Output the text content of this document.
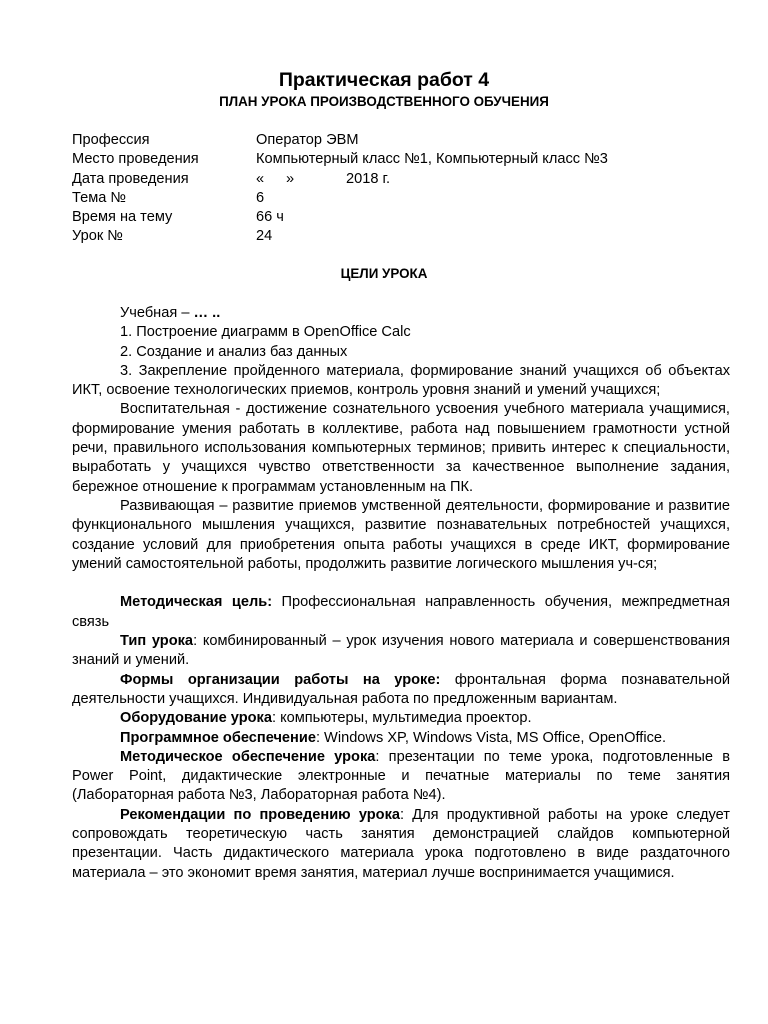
Практическая работ 4
ПЛАН УРОКА ПРОИЗВОДСТВЕННОГО ОБУЧЕНИЯ
Профессия	Оператор ЭВМ
Место проведения	Компьютерный класс №1, Компьютерный класс №3
Дата проведения	« »	2018 г.
Тема №	6
Время на тему	66 ч
Урок №	24
ЦЕЛИ УРОКА

Учебная – … ..

1. Построение диаграмм в OpenOffice Calc

2. Создание и анализ баз данных

3. Закрепление пройденного материала, формирование знаний учащихся об объектах ИКТ, освоение технологических приемов, контроль уровня знаний и умений учащихся;

Воспитательная - достижение сознательного усвоения учебного материала учащимися, формирование умения работать в коллективе, работа над повышением грамотности устной речи, правильного использования компьютерных терминов; привить интерес к специальности, выработать у учащихся чувство ответственности за качественное выполнение задания, бережное отношение к программам установленным на ПК.

Развивающая – развитие приемов умственной деятельности, формирование и развитие функционального мышления учащихся, развитие познавательных потребностей учащихся, создание условий для приобретения опыта работы учащихся в среде ИКТ, формирование умений самостоятельной работы, продолжить развитие логического мышления уч-ся;

Методическая цель: Профессиональная направленность обучения, межпредметная связь

Тип урока: комбинированный – урок изучения нового материала и совершенствования знаний и умений.

Формы организации работы на уроке: фронтальная форма познавательной деятельности учащихся. Индивидуальная работа по предложенным вариантам.

Оборудование урока: компьютеры, мультимедиа проектор.

Программное обеспечение: Windows XP, Windows Vista, MS Office, OpenOffice.

Методическое обеспечение урока: презентации по теме урока, подготовленные в Power Point, дидактические электронные и печатные материалы по теме занятия (Лабораторная работа №3, Лабораторная работа №4).

Рекомендации по проведению урока: Для продуктивной работы на уроке следует сопровождать теоретическую часть занятия демонстрацией слайдов компьютерной презентации. Часть дидактического материала урока подготовлено в виде раздаточного материала – это экономит время занятия, материал лучше воспринимается учащимися.
